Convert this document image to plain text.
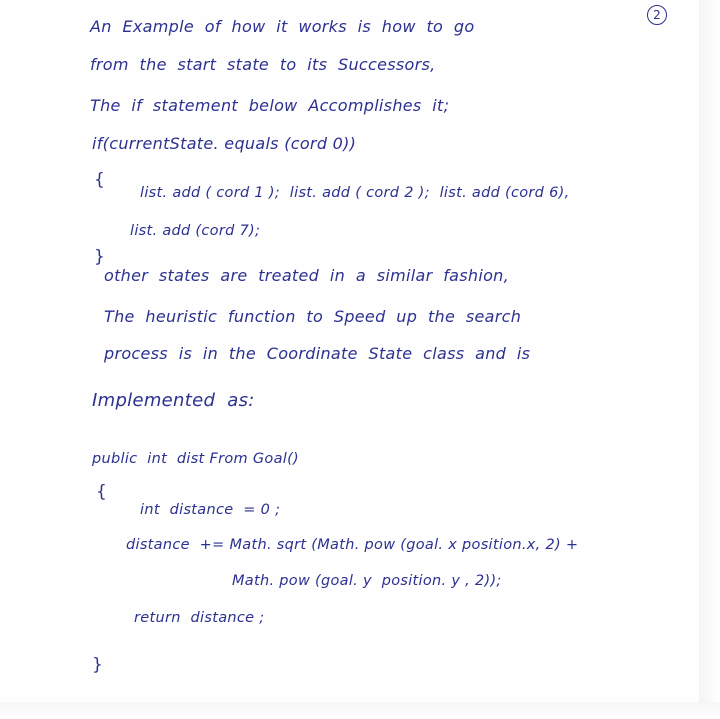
2
An  Example  of  how  it  works  is  how  to  go
from  the  start  state  to  its  Successors,
The  if  statement  below  Accomplishes  it;
if(currentState. equals (cord 0))
{
list. add ( cord 1 );  list. add ( cord 2 );  list. add (cord 6),
list. add (cord 7);
}
other  states  are  treated  in  a  similar  fashion,
The  heuristic  function  to  Speed  up  the  search
process  is  in  the  Coordinate  State  class  and  is
Implemented  as:
public  int  dist From Goal()
{
int  distance  = 0 ;
distance  += Math. sqrt (Math. pow (goal. x position.x, 2) +
Math. pow (goal. y  position. y , 2));
return  distance ;
}
